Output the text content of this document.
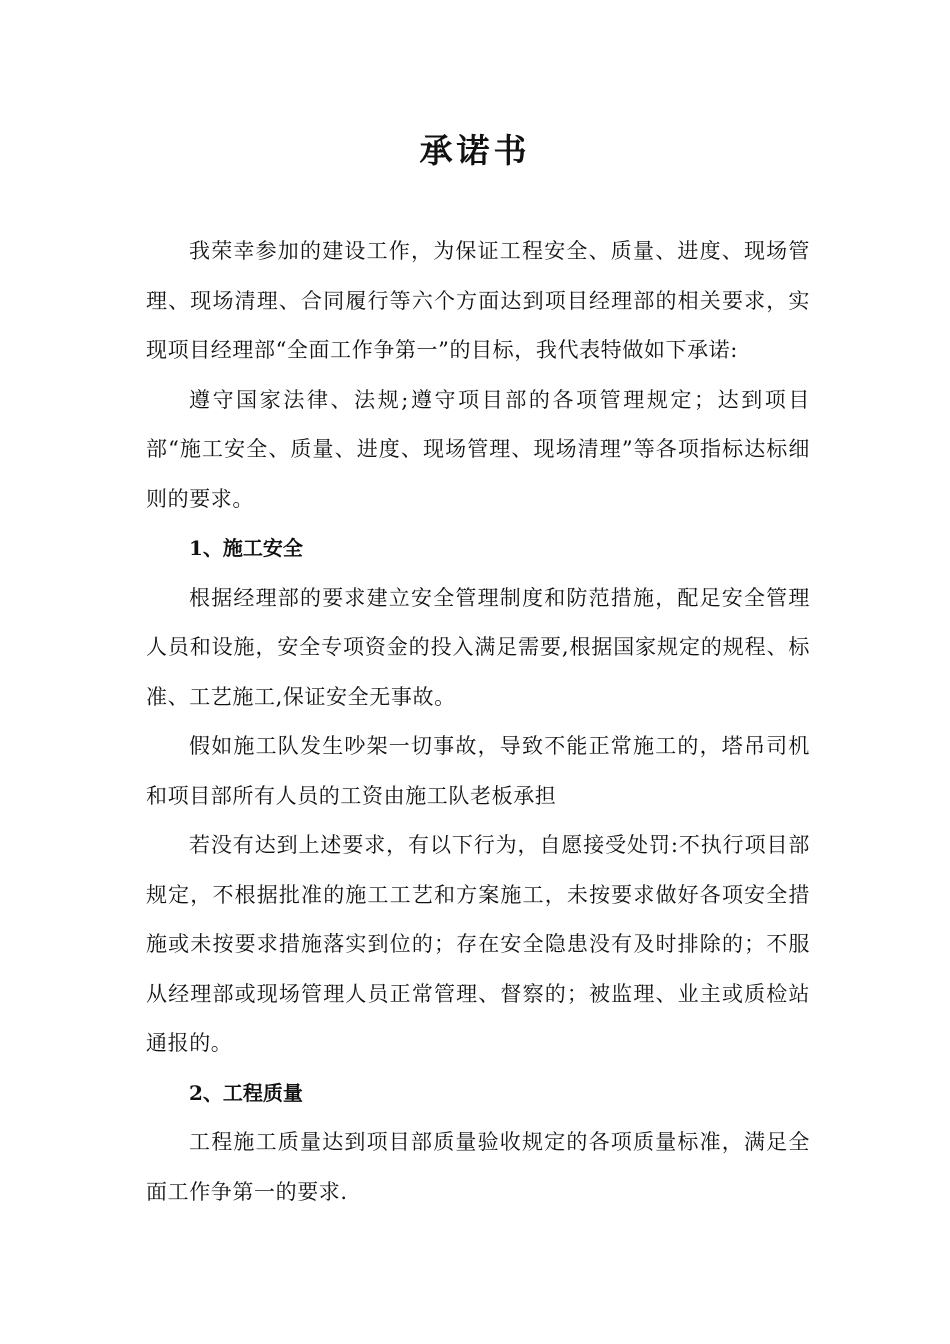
承诺书

我荣幸参加的建设工作，为保证工程安全、质量、进度、现场管理、现场清理、合同履行等六个方面达到项目经理部的相关要求，实现项目经理部“全面工作争第一”的目标，我代表特做如下承诺:

遵守国家法律、法规;遵守项目部的各项管理规定；达到项目部“施工安全、质量、进度、现场管理、现场清理”等各项指标达标细则的要求。

1、施工安全

根据经理部的要求建立安全管理制度和防范措施，配足安全管理人员和设施，安全专项资金的投入满足需要,根据国家规定的规程、标准、工艺施工,保证安全无事故。

假如施工队发生吵架一切事故，导致不能正常施工的，塔吊司机和项目部所有人员的工资由施工队老板承担

若没有达到上述要求，有以下行为，自愿接受处罚:不执行项目部规定，不根据批准的施工工艺和方案施工，未按要求做好各项安全措施或未按要求措施落实到位的；存在安全隐患没有及时排除的；不服从经理部或现场管理人员正常管理、督察的；被监理、业主或质检站通报的。

2、工程质量

工程施工质量达到项目部质量验收规定的各项质量标准，满足全面工作争第一的要求.
